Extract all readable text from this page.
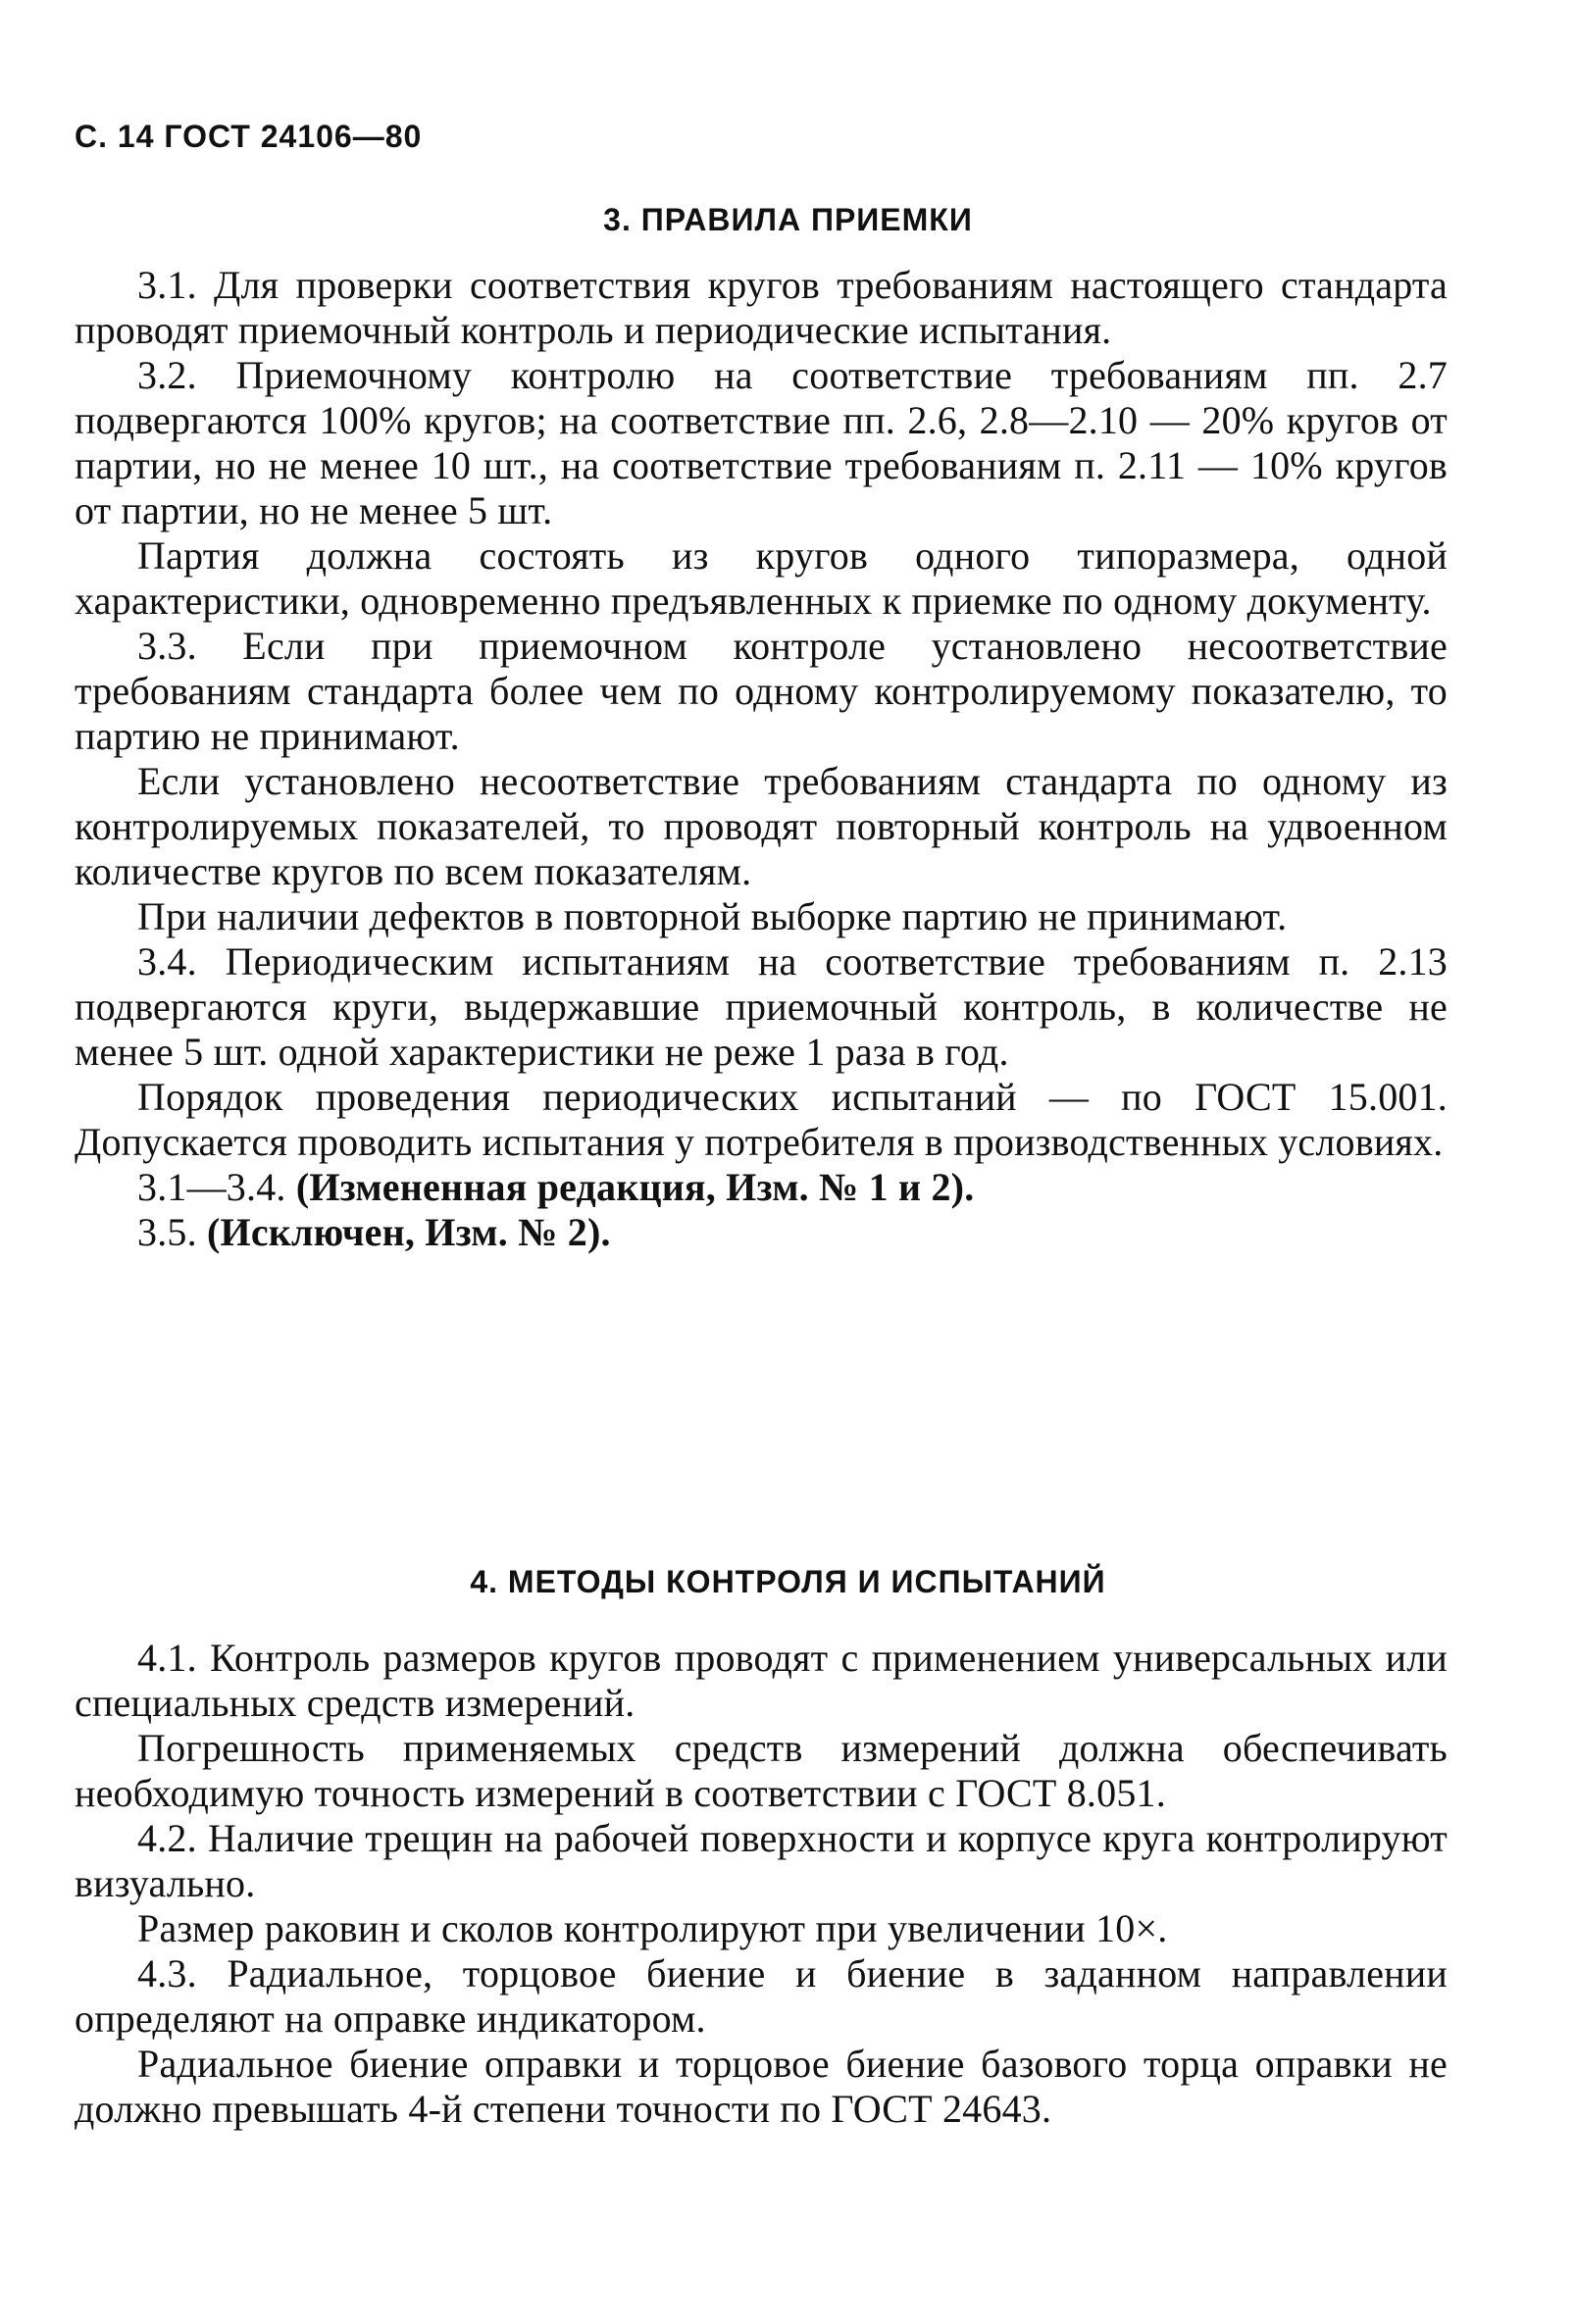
С. 14 ГОСТ 24106—80
3. ПРАВИЛА ПРИЕМКИ

3.1. Для проверки соответствия кругов требованиям настоящего стандарта проводят приемочный контроль и периодические испытания.

3.2. Приемочному контролю на соответствие требованиям пп. 2.7 подвергаются 100% кругов; на соответствие пп. 2.6, 2.8—2.10 — 20% кругов от партии, но не менее 10 шт., на соответствие требованиям п. 2.11 — 10% кругов от партии, но не менее 5 шт.

Партия должна состоять из кругов одного типоразмера, одной характеристики, одновременно предъявленных к приемке по одному документу.

3.3. Если при приемочном контроле установлено несоответствие требованиям стандарта более чем по одному контролируемому показателю, то партию не принимают.

Если установлено несоответствие требованиям стандарта по одному из контролируемых показателей, то проводят повторный контроль на удвоенном количестве кругов по всем показателям.

При наличии дефектов в повторной выборке партию не принимают.

3.4. Периодическим испытаниям на соответствие требованиям п. 2.13 подвергаются круги, выдержавшие приемочный контроль, в количестве не менее 5 шт. одной характеристики не реже 1 раза в год.

Порядок проведения периодических испытаний — по ГОСТ 15.001. Допускается проводить испытания у потребителя в производственных условиях.

3.1—3.4. (Измененная редакция, Изм. № 1 и 2).

3.5. (Исключен, Изм. № 2).

4. МЕТОДЫ КОНТРОЛЯ И ИСПЫТАНИЙ

4.1. Контроль размеров кругов проводят с применением универсальных или специальных средств измерений.

Погрешность применяемых средств измерений должна обеспечивать необходимую точность измерений в соответствии с ГОСТ 8.051.

4.2. Наличие трещин на рабочей поверхности и корпусе круга контролируют визуально.

Размер раковин и сколов контролируют при увеличении 10×.

4.3. Радиальное, торцовое биение и биение в заданном направлении определяют на оправке индикатором.

Радиальное биение оправки и торцовое биение базового торца оправки не должно превышать 4-й степени точности по ГОСТ 24643.
